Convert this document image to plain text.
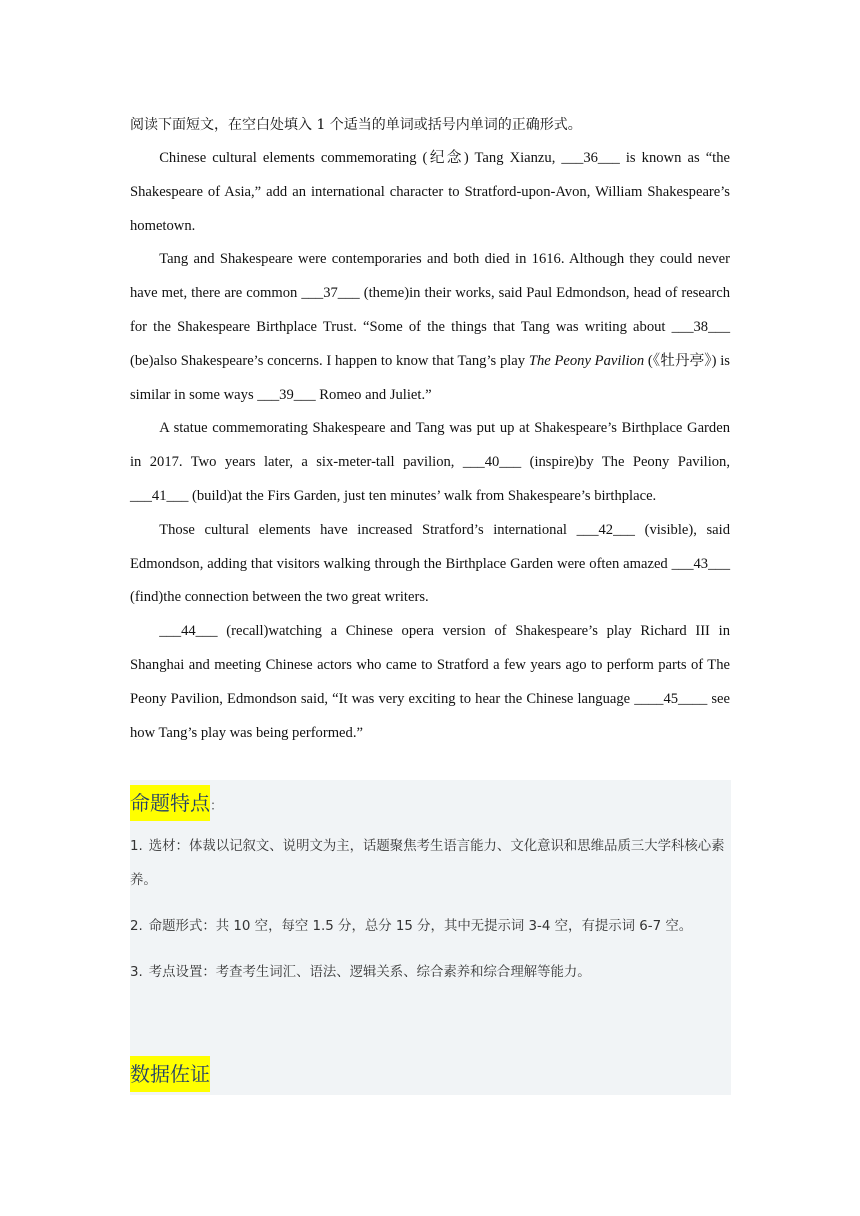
阅读下面短文，在空白处填入 1 个适当的单词或括号内单词的正确形式。

Chinese cultural elements commemorating (纪念) Tang Xianzu, ___36___ is known as “the Shakespeare of Asia,” add an international character to Stratford-upon-Avon, William Shakespeare’s hometown.

Tang and Shakespeare were contemporaries and both died in 1616. Although they could never have met, there are common ___37___ (theme)in their works, said Paul Edmondson, head of research for the Shakespeare Birthplace Trust. “Some of the things that Tang was writing about ___38___ (be)also Shakespeare’s concerns. I happen to know that Tang’s play The Peony Pavilion (《牡丹亭》) is similar in some ways ___39___ Romeo and Juliet.”

A statue commemorating Shakespeare and Tang was put up at Shakespeare’s Birthplace Garden in 2017. Two years later, a six-meter-tall pavilion, ___40___ (inspire)by The Peony Pavilion, ___41___ (build)at the Firs Garden, just ten minutes’ walk from Shakespeare’s birthplace.

Those cultural elements have increased Stratford’s international ___42___ (visible), said Edmondson, adding that visitors walking through the Birthplace Garden were often amazed ___43___ (find)the connection between the two great writers.

___44___ (recall)watching a Chinese opera version of Shakespeare’s play Richard III in Shanghai and meeting Chinese actors who came to Stratford a few years ago to perform parts of The Peony Pavilion, Edmondson said, “It was very exciting to hear the Chinese language ____45____ see how Tang’s play was being performed.”

命题特点：

1. 选材：体裁以记叙文、说明文为主，话题聚焦考生语言能力、文化意识和思维品质三大学科核心素养。

2. 命题形式：共 10 空，每空 1.5 分，总分 15 分，其中无提示词 3-4 空，有提示词 6-7 空。

3. 考点设置：考查考生词汇、语法、逻辑关系、综合素养和综合理解等能力。

数据佐证
